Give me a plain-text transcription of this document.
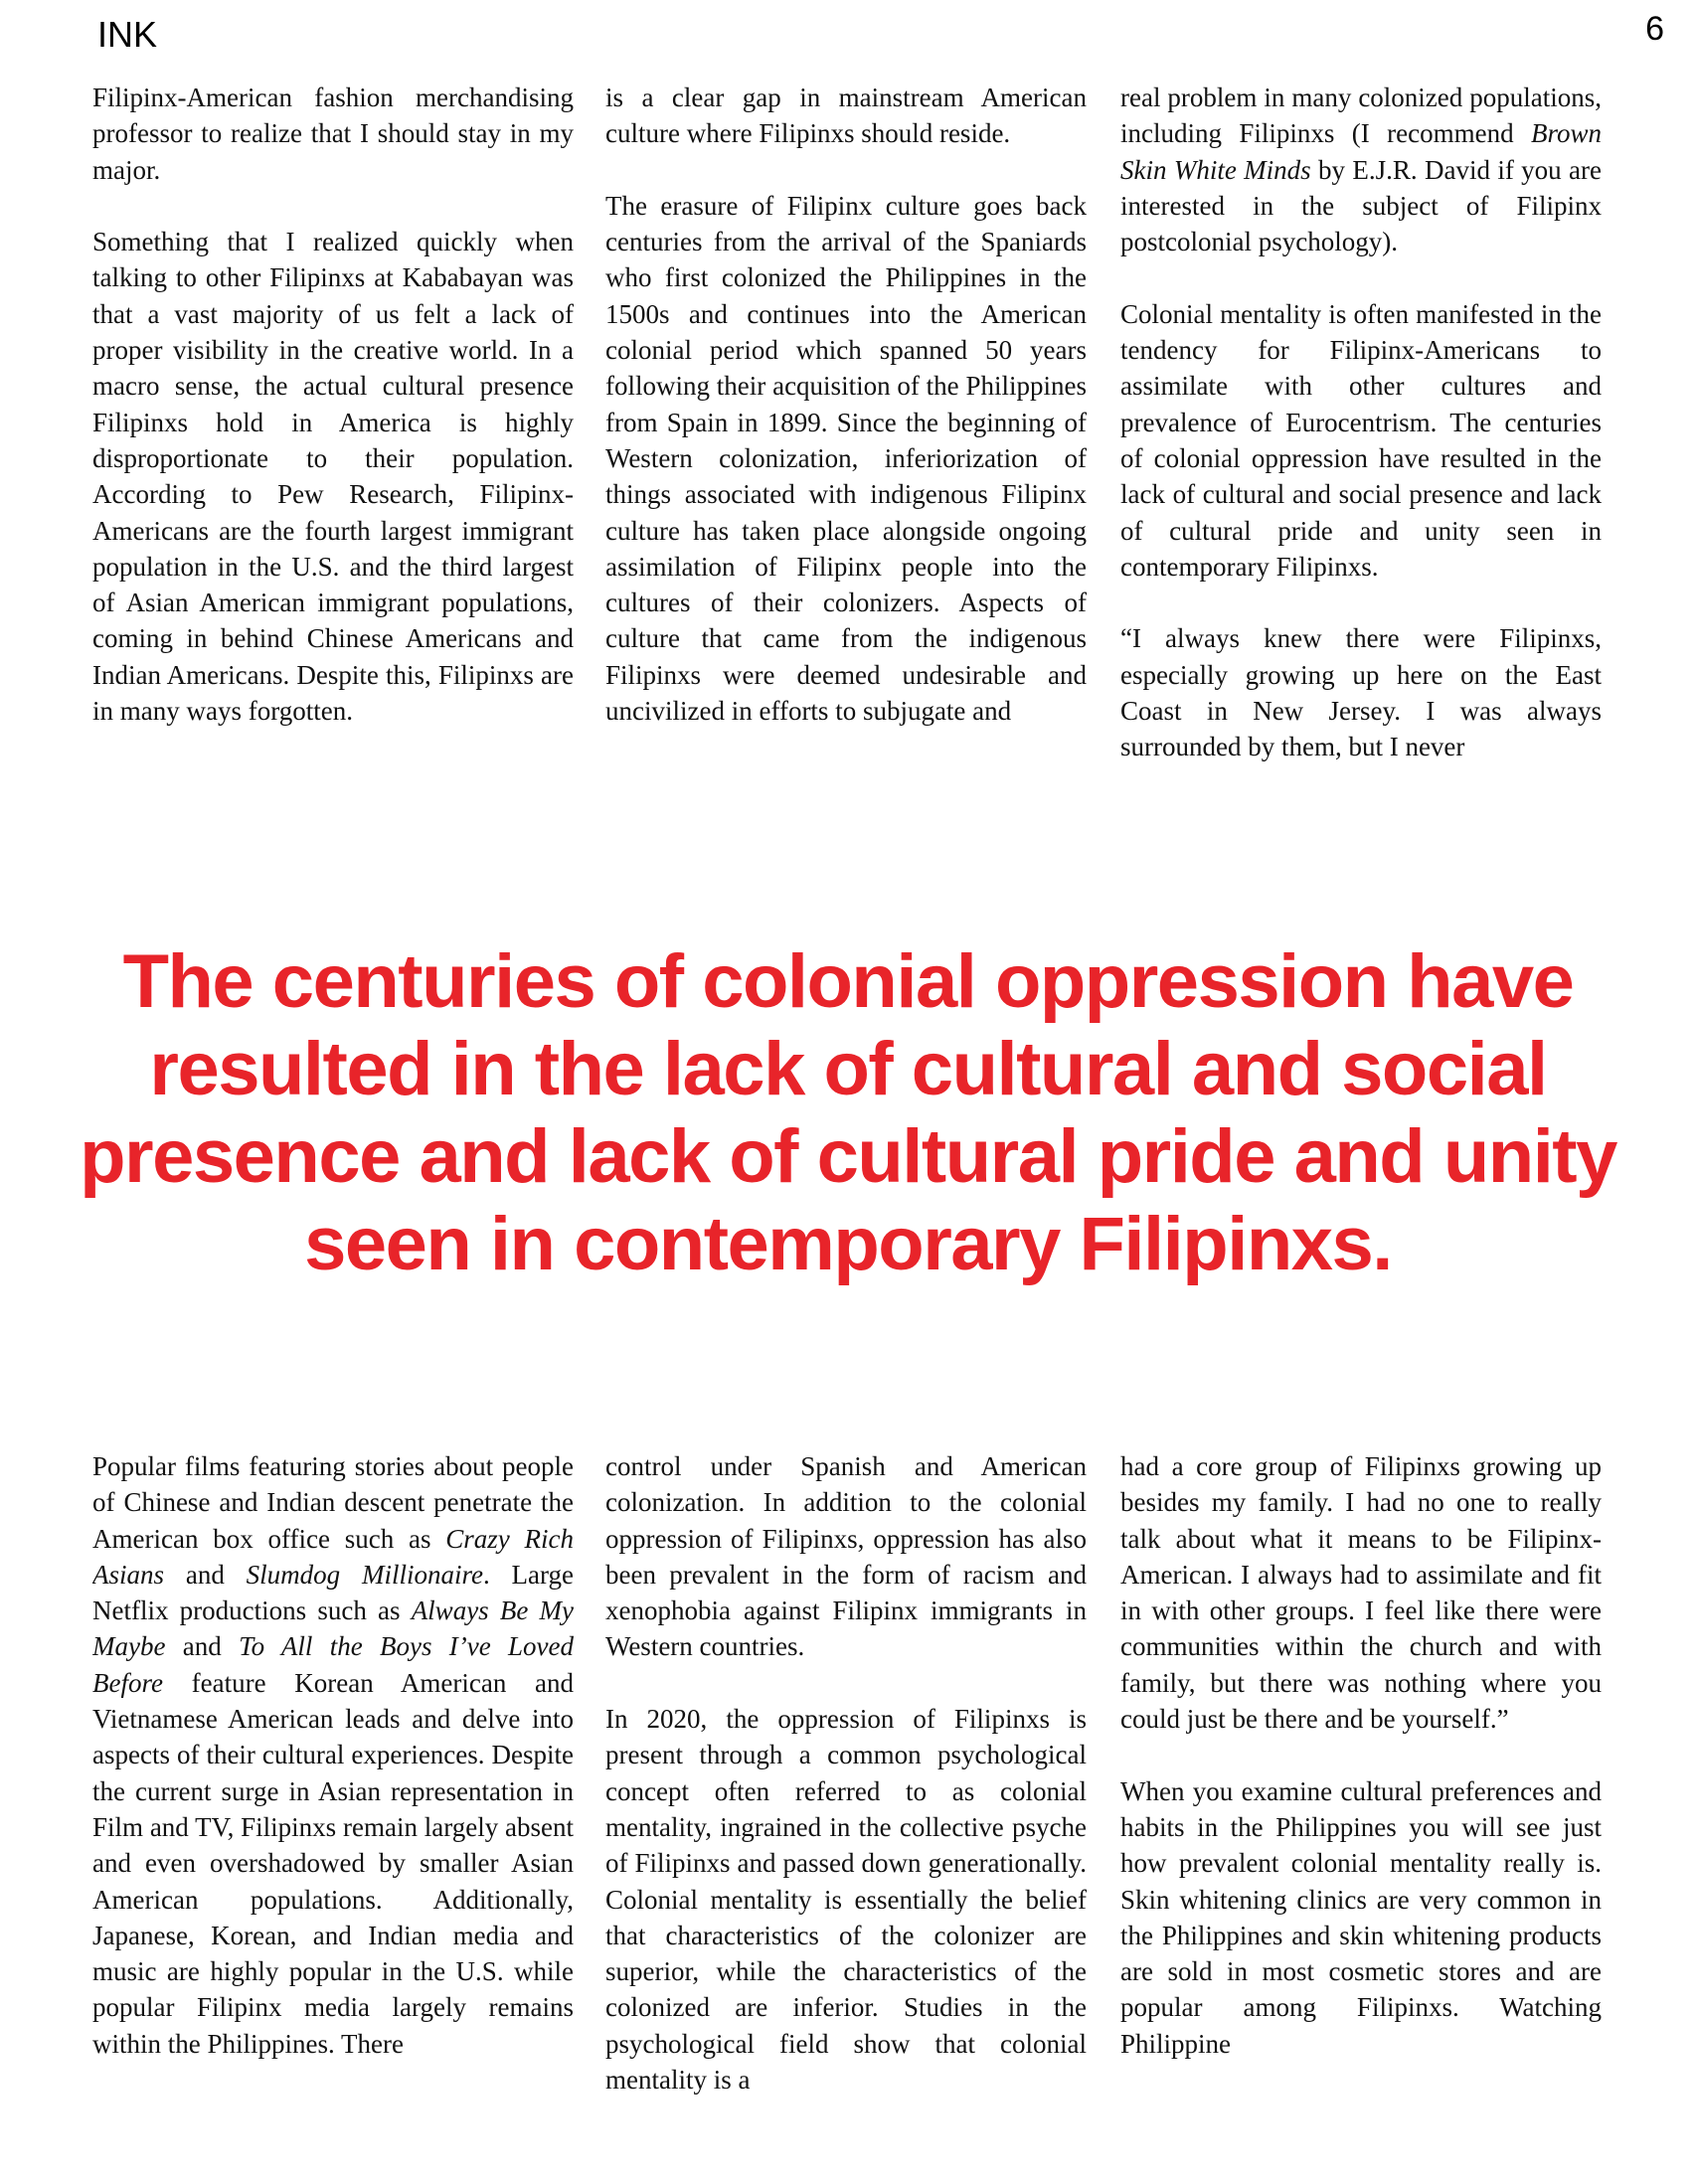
INK	6

Filipinx-American fashion merchandising professor to realize that I should stay in my major.

Something that I realized quickly when talking to other Filipinxs at Kababayan was that a vast majority of us felt a lack of proper visibility in the creative world. In a macro sense, the actual cultural presence Filipinxs hold in America is highly disproportionate to their population. According to Pew Research, Filipinx-Americans are the fourth largest immigrant population in the U.S. and the third largest of Asian American immigrant populations, coming in behind Chinese Americans and Indian Americans. Despite this, Filipinxs are in many ways forgotten.

is a clear gap in mainstream American culture where Filipinxs should reside.

The erasure of Filipinx culture goes back centuries from the arrival of the Spaniards who first colonized the Philippines in the 1500s and continues into the American colonial period which spanned 50 years following their acquisition of the Philippines from Spain in 1899. Since the beginning of Western colonization, inferiorization of things associated with indigenous Filipinx culture has taken place alongside ongoing assimilation of Filipinx people into the cultures of their colonizers. Aspects of culture that came from the indigenous Filipinxs were deemed undesirable and uncivilized in efforts to subjugate and

real problem in many colonized populations, including Filipinxs (I recommend Brown Skin White Minds by E.J.R. David if you are interested in the subject of Filipinx postcolonial psychology).

Colonial mentality is often manifested in the tendency for Filipinx-Americans to assimilate with other cultures and prevalence of Eurocentrism. The centuries of colonial oppression have resulted in the lack of cultural and social presence and lack of cultural pride and unity seen in contemporary Filipinxs.

“I always knew there were Filipinxs, especially growing up here on the East Coast in New Jersey. I was always surrounded by them, but I never

The centuries of colonial oppression have resulted in the lack of cultural and social presence and lack of cultural pride and unity seen in contemporary Filipinxs.

Popular films featuring stories about people of Chinese and Indian descent penetrate the American box office such as Crazy Rich Asians and Slumdog Millionaire. Large Netflix productions such as Always Be My Maybe and To All the Boys I’ve Loved Before feature Korean American and Vietnamese American leads and delve into aspects of their cultural experiences. Despite the current surge in Asian representation in Film and TV, Filipinxs remain largely absent and even overshadowed by smaller Asian American populations. Additionally, Japanese, Korean, and Indian media and music are highly popular in the U.S. while popular Filipinx media largely remains within the Philippines. There

control under Spanish and American colonization. In addition to the colonial oppression of Filipinxs, oppression has also been prevalent in the form of racism and xenophobia against Filipinx immigrants in Western countries.

In 2020, the oppression of Filipinxs is present through a common psychological concept often referred to as colonial mentality, ingrained in the collective psyche of Filipinxs and passed down generationally. Colonial mentality is essentially the belief that characteristics of the colonizer are superior, while the characteristics of the colonized are inferior. Studies in the psychological field show that colonial mentality is a

had a core group of Filipinxs growing up besides my family. I had no one to really talk about what it means to be Filipinx-American. I always had to assimilate and fit in with other groups. I feel like there were communities within the church and with family, but there was nothing where you could just be there and be yourself.”

When you examine cultural preferences and habits in the Philippines you will see just how prevalent colonial mentality really is. Skin whitening clinics are very common in the Philippines and skin whitening products are sold in most cosmetic stores and are popular among Filipinxs. Watching Philippine
